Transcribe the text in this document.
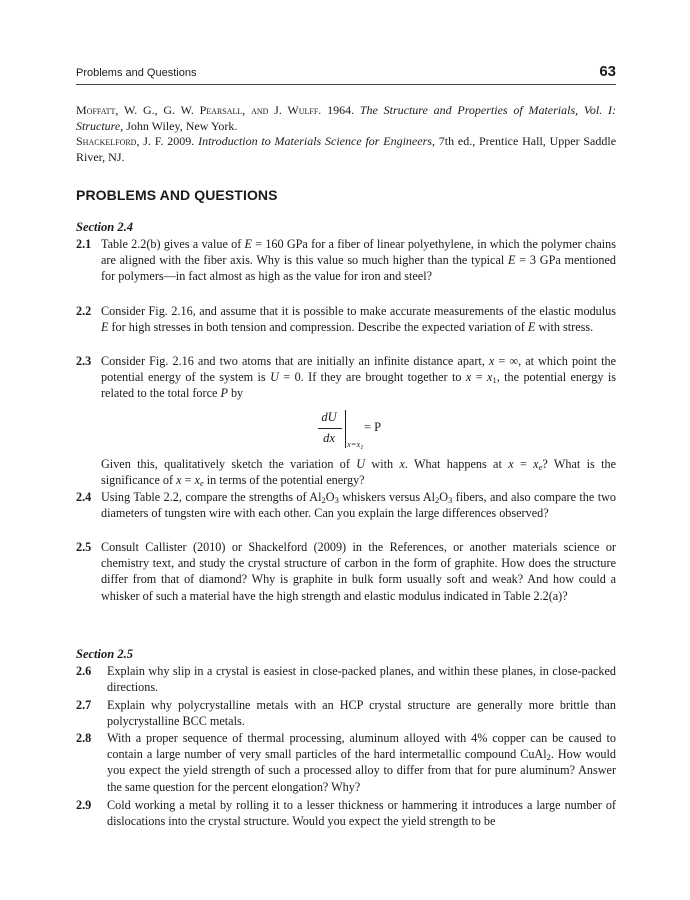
Problems and Questions	63
Moffatt, W. G., G. W. Pearsall, and J. Wulff. 1964. The Structure and Properties of Materials, Vol. I: Structure, John Wiley, New York.
Shackelford, J. F. 2009. Introduction to Materials Science for Engineers, 7th ed., Prentice Hall, Upper Saddle River, NJ.
PROBLEMS AND QUESTIONS
Section 2.4
2.1 Table 2.2(b) gives a value of E = 160 GPa for a fiber of linear polyethylene, in which the polymer chains are aligned with the fiber axis. Why is this value so much higher than the typical E = 3 GPa mentioned for polymers—in fact almost as high as the value for iron and steel?
2.2 Consider Fig. 2.16, and assume that it is possible to make accurate measurements of the elastic modulus E for high stresses in both tension and compression. Describe the expected variation of E with stress.
2.3 Consider Fig. 2.16 and two atoms that are initially an infinite distance apart, x = ∞, at which point the potential energy of the system is U = 0. If they are brought together to $x = x_1$, the potential energy is related to the total force P by
dU
dx	$x=x_1$
= P
Given this, qualitatively sketch the variation of U with x. What happens at $x = x_e$? What is the significance of $x = x_e$ in terms of the potential energy?
2.4 Using Table 2.2, compare the strengths of $Al_2O_3$ whiskers versus $Al_2O_3$ fibers, and also compare the two diameters of tungsten wire with each other. Can you explain the large differences observed?
2.5 Consult Callister (2010) or Shackelford (2009) in the References, or another materials science or chemistry text, and study the crystal structure of carbon in the form of graphite. How does the structure differ from that of diamond? Why is graphite in bulk form usually soft and weak? And how could a whisker of such a material have the high strength and elastic modulus indicated in Table 2.2(a)?
Section 2.5
2.6 Explain why slip in a crystal is easiest in close-packed planes, and within these planes, in close-packed directions.
2.7 Explain why polycrystalline metals with an HCP crystal structure are generally more brittle than polycrystalline BCC metals.
2.8 With a proper sequence of thermal processing, aluminum alloyed with 4% copper can be caused to contain a large number of very small particles of the hard intermetallic compound CuAl$_2$. How would you expect the yield strength of such a processed alloy to differ from that for pure aluminum? Answer the same question for the percent elongation? Why?
2.9 Cold working a metal by rolling it to a lesser thickness or hammering it introduces a large number of dislocations into the crystal structure. Would you expect the yield strength to be
